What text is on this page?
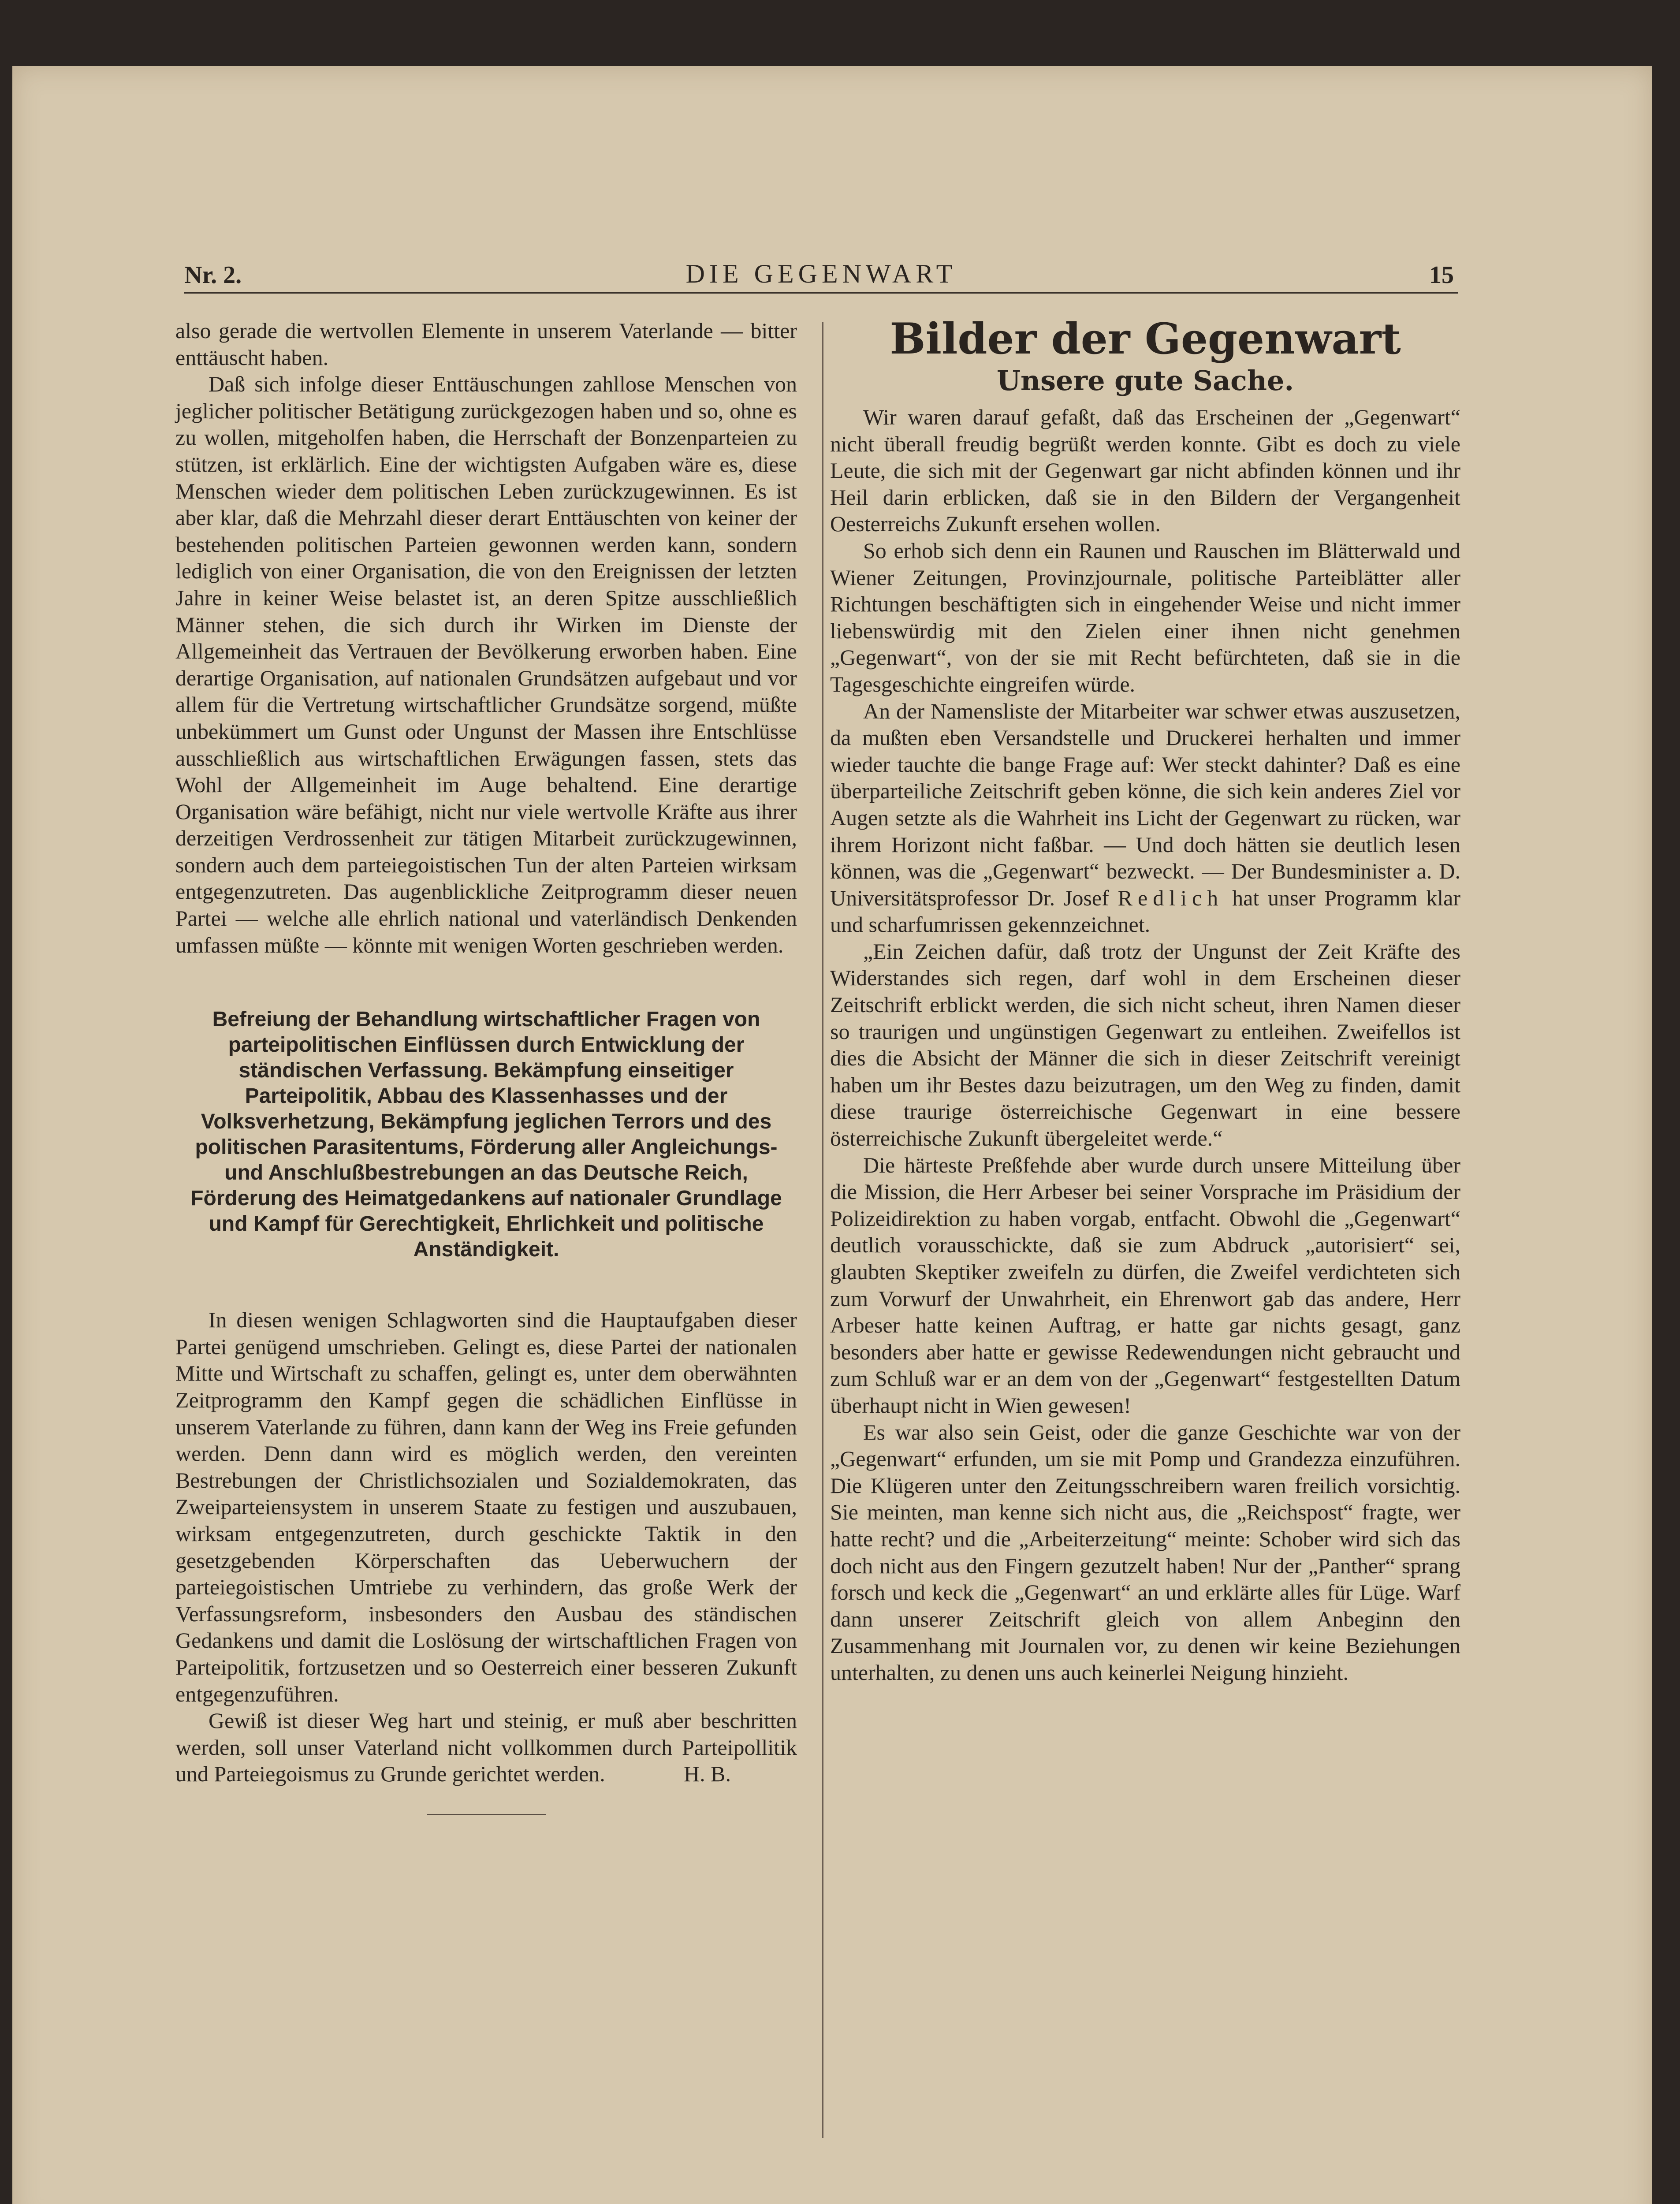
Nr. 2.	DIE GEGENWART	15

also gerade die wertvollen Elemente in unserem Vaterlande — bitter enttäuscht haben.

Daß sich infolge dieser Enttäuschungen zahllose Menschen von jeglicher politischer Betätigung zurückgezogen haben und so, ohne es zu wollen, mitgeholfen haben, die Herrschaft der Bonzenparteien zu stützen, ist erklärlich. Eine der wichtigsten Aufgaben wäre es, diese Menschen wieder dem politischen Leben zurückzugewinnen. Es ist aber klar, daß die Mehrzahl dieser derart Enttäuschten von keiner der bestehenden politischen Parteien gewonnen werden kann, sondern lediglich von einer Organisation, die von den Ereignissen der letzten Jahre in keiner Weise belastet ist, an deren Spitze ausschließlich Männer stehen, die sich durch ihr Wirken im Dienste der Allgemeinheit das Vertrauen der Bevölkerung erworben haben. Eine derartige Organisation, auf nationalen Grundsätzen aufgebaut und vor allem für die Vertretung wirtschaftlicher Grundsätze sorgend, müßte unbekümmert um Gunst oder Ungunst der Massen ihre Entschlüsse ausschließlich aus wirtschaftlichen Erwägungen fassen, stets das Wohl der Allgemeinheit im Auge behaltend. Eine derartige Organisation wäre befähigt, nicht nur viele wertvolle Kräfte aus ihrer derzeitigen Verdrossenheit zur tätigen Mitarbeit zurückzugewinnen, sondern auch dem parteiegoistischen Tun der alten Parteien wirksam entgegenzutreten. Das augenblickliche Zeitprogramm dieser neuen Partei — welche alle ehrlich national und vaterländisch Denkenden umfassen müßte — könnte mit wenigen Worten geschrieben werden.

Befreiung der Behandlung wirtschaftlicher Fragen von parteipolitischen Einflüssen durch Entwicklung der ständischen Verfassung. Bekämpfung einseitiger Parteipolitik, Abbau des Klassenhasses und der Volksverhetzung, Bekämpfung jeglichen Terrors und des politischen Parasitentums, Förderung aller Angleichungs- und Anschlußbestrebungen an das Deutsche Reich, Förderung des Heimatgedankens auf nationaler Grundlage und Kampf für Gerechtigkeit, Ehrlichkeit und politische Anständigkeit.

In diesen wenigen Schlagworten sind die Hauptaufgaben dieser Partei genügend umschrieben. Gelingt es, diese Partei der nationalen Mitte und Wirtschaft zu schaffen, gelingt es, unter dem oberwähnten Zeitprogramm den Kampf gegen die schädlichen Einflüsse in unserem Vaterlande zu führen, dann kann der Weg ins Freie gefunden werden. Denn dann wird es möglich werden, den vereinten Bestrebungen der Christlichsozialen und Sozialdemokraten, das Zweiparteiensystem in unserem Staate zu festigen und auszubauen, wirksam entgegenzutreten, durch geschickte Taktik in den gesetzgebenden Körperschaften das Ueberwuchern der parteiegoistischen Umtriebe zu verhindern, das große Werk der Verfassungsreform, insbesonders den Ausbau des ständischen Gedankens und damit die Loslösung der wirtschaftlichen Fragen von Parteipolitik, fortzusetzen und so Oesterreich einer besseren Zukunft entgegenzuführen.

Gewiß ist dieser Weg hart und steinig, er muß aber beschritten werden, soll unser Vaterland nicht vollkommen durch Parteipollitik und Parteiegoismus zu Grunde gerichtet werden.	H. B.

Bilder der Gegenwart
Unsere gute Sache.

Wir waren darauf gefaßt, daß das Erscheinen der „Gegenwart“ nicht überall freudig begrüßt werden konnte. Gibt es doch zu viele Leute, die sich mit der Gegenwart gar nicht abfinden können und ihr Heil darin erblicken, daß sie in den Bildern der Vergangenheit Oesterreichs Zukunft ersehen wollen.

So erhob sich denn ein Raunen und Rauschen im Blätterwald und Wiener Zeitungen, Provinzjournale, politische Parteiblätter aller Richtungen beschäftigten sich in eingehender Weise und nicht immer liebenswürdig mit den Zielen einer ihnen nicht genehmen „Gegenwart“, von der sie mit Recht befürchteten, daß sie in die Tagesgeschichte eingreifen würde.

An der Namensliste der Mitarbeiter war schwer etwas auszusetzen, da mußten eben Versandstelle und Druckerei herhalten und immer wieder tauchte die bange Frage auf: Wer steckt dahinter? Daß es eine überparteiliche Zeitschrift geben könne, die sich kein anderes Ziel vor Augen setzte als die Wahrheit ins Licht der Gegenwart zu rücken, war ihrem Horizont nicht faßbar. — Und doch hätten sie deutlich lesen können, was die „Gegenwart“ bezweckt. — Der Bundesminister a. D. Universitätsprofessor Dr. Josef Redlich hat unser Programm klar und scharfumrissen gekennzeichnet.

„Ein Zeichen dafür, daß trotz der Ungunst der Zeit Kräfte des Widerstandes sich regen, darf wohl in dem Erscheinen dieser Zeitschrift erblickt werden, die sich nicht scheut, ihren Namen dieser so traurigen und ungünstigen Gegenwart zu entleihen. Zweifellos ist dies die Absicht der Männer die sich in dieser Zeitschrift vereinigt haben um ihr Bestes dazu beizutragen, um den Weg zu finden, damit diese traurige österreichische Gegenwart in eine bessere österreichische Zukunft übergeleitet werde.“

Die härteste Preßfehde aber wurde durch unsere Mitteilung über die Mission, die Herr Arbeser bei seiner Vorsprache im Präsidium der Polizeidirektion zu haben vorgab, entfacht. Obwohl die „Gegenwart“ deutlich vorausschickte, daß sie zum Abdruck „autorisiert“ sei, glaubten Skeptiker zweifeln zu dürfen, die Zweifel verdichteten sich zum Vorwurf der Unwahrheit, ein Ehrenwort gab das andere, Herr Arbeser hatte keinen Auftrag, er hatte gar nichts gesagt, ganz besonders aber hatte er gewisse Redewendungen nicht gebraucht und zum Schluß war er an dem von der „Gegenwart“ festgestellten Datum überhaupt nicht in Wien gewesen!

Es war also sein Geist, oder die ganze Geschichte war von der „Gegenwart“ erfunden, um sie mit Pomp und Grandezza einzuführen. Die Klügeren unter den Zeitungsschreibern waren freilich vorsichtig. Sie meinten, man kenne sich nicht aus, die „Reichspost“ fragte, wer hatte recht? und die „Arbeiterzeitung“ meinte: Schober wird sich das doch nicht aus den Fingern gezutzelt haben! Nur der „Panther“ sprang forsch und keck die „Gegenwart“ an und erklärte alles für Lüge. Warf dann unserer Zeitschrift gleich von allem Anbeginn den Zusammenhang mit Journalen vor, zu denen wir keine Beziehungen unterhalten, zu denen uns auch keinerlei Neigung hinzieht.
